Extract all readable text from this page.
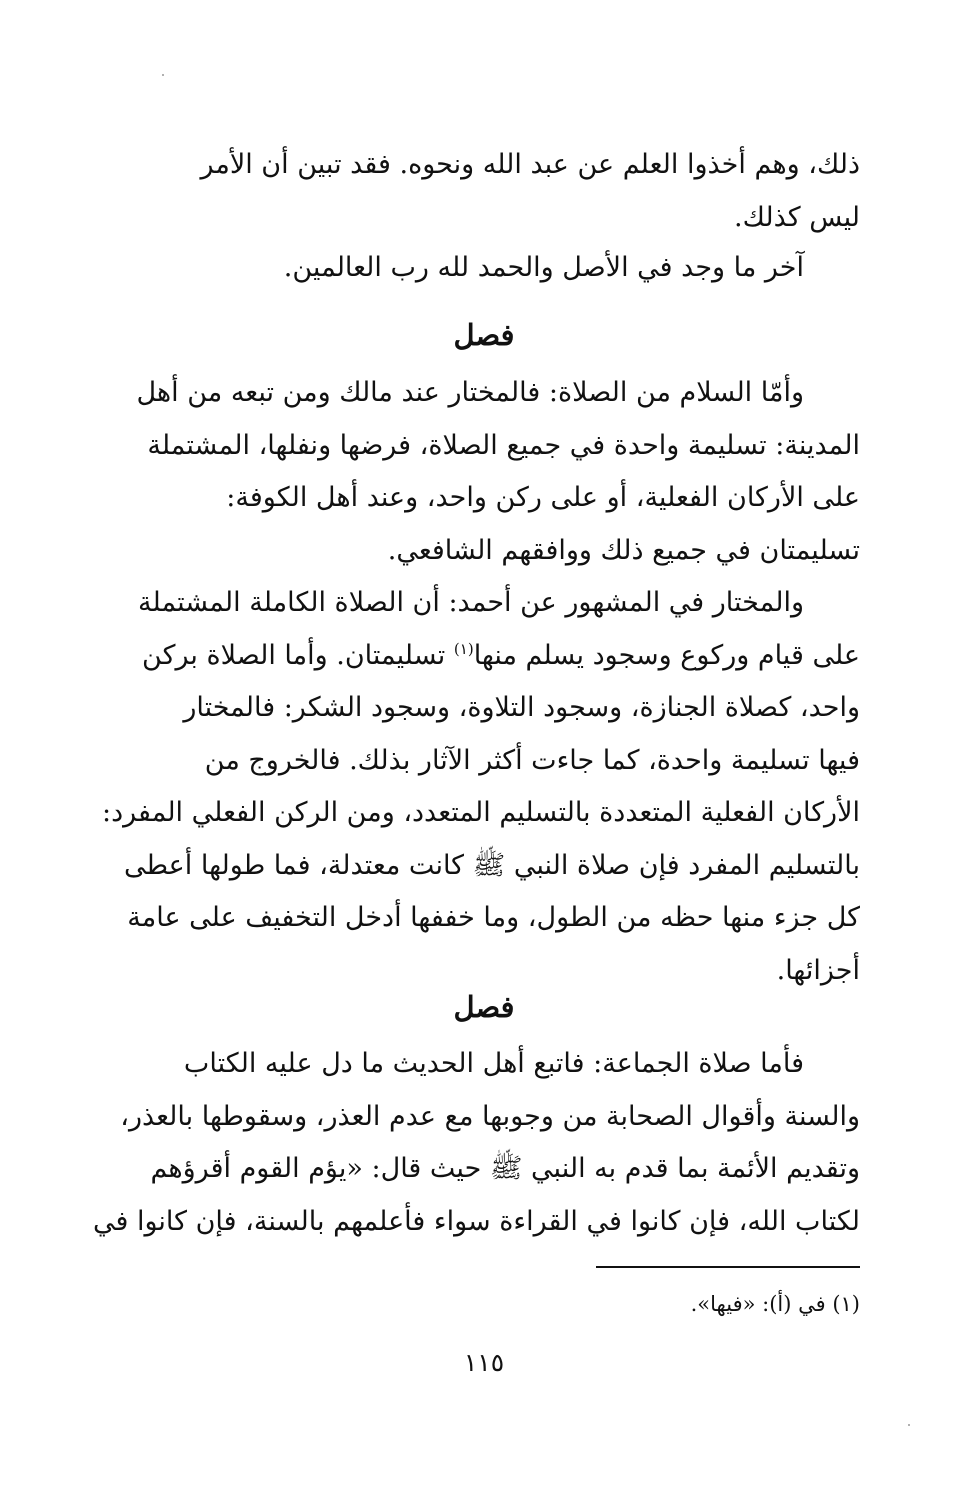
ذلك، وهم أخذوا العلم عن عبد الله ونحوه. فقد تبين أن الأمر
ليس كذلك.
آخر ما وجد في الأصل والحمد لله رب العالمين.
فصل
وأمّا السلام من الصلاة: فالمختار عند مالك ومن تبعه من أهل
المدينة: تسليمة واحدة في جميع الصلاة، فرضها ونفلها، المشتملة
على الأركان الفعلية، أو على ركن واحد، وعند أهل الكوفة:
تسليمتان في جميع ذلك ووافقهم الشافعي.
والمختار في المشهور عن أحمد: أن الصلاة الكاملة المشتملة
على قيام وركوع وسجود يسلم منها$^{(١)}$ تسليمتان. وأما الصلاة بركن
واحد، كصلاة الجنازة، وسجود التلاوة، وسجود الشكر: فالمختار
فيها تسليمة واحدة، كما جاءت أكثر الآثار بذلك. فالخروج من
الأركان الفعلية المتعددة بالتسليم المتعدد، ومن الركن الفعلي المفرد:
بالتسليم المفرد فإن صلاة النبي ﷺ كانت معتدلة، فما طولها أعطى
كل جزء منها حظه من الطول، وما خففها أدخل التخفيف على عامة
أجزائها.
فصل
فأما صلاة الجماعة: فاتبع أهل الحديث ما دل عليه الكتاب
والسنة وأقوال الصحابة من وجوبها مع عدم العذر، وسقوطها بالعذر،
وتقديم الأئمة بما قدم به النبي ﷺ حيث قال: «يؤم القوم أقرؤهم
لكتاب الله، فإن كانوا في القراءة سواء فأعلمهم بالسنة، فإن كانوا في
(١) في (أ): «فيها».
١١٥
